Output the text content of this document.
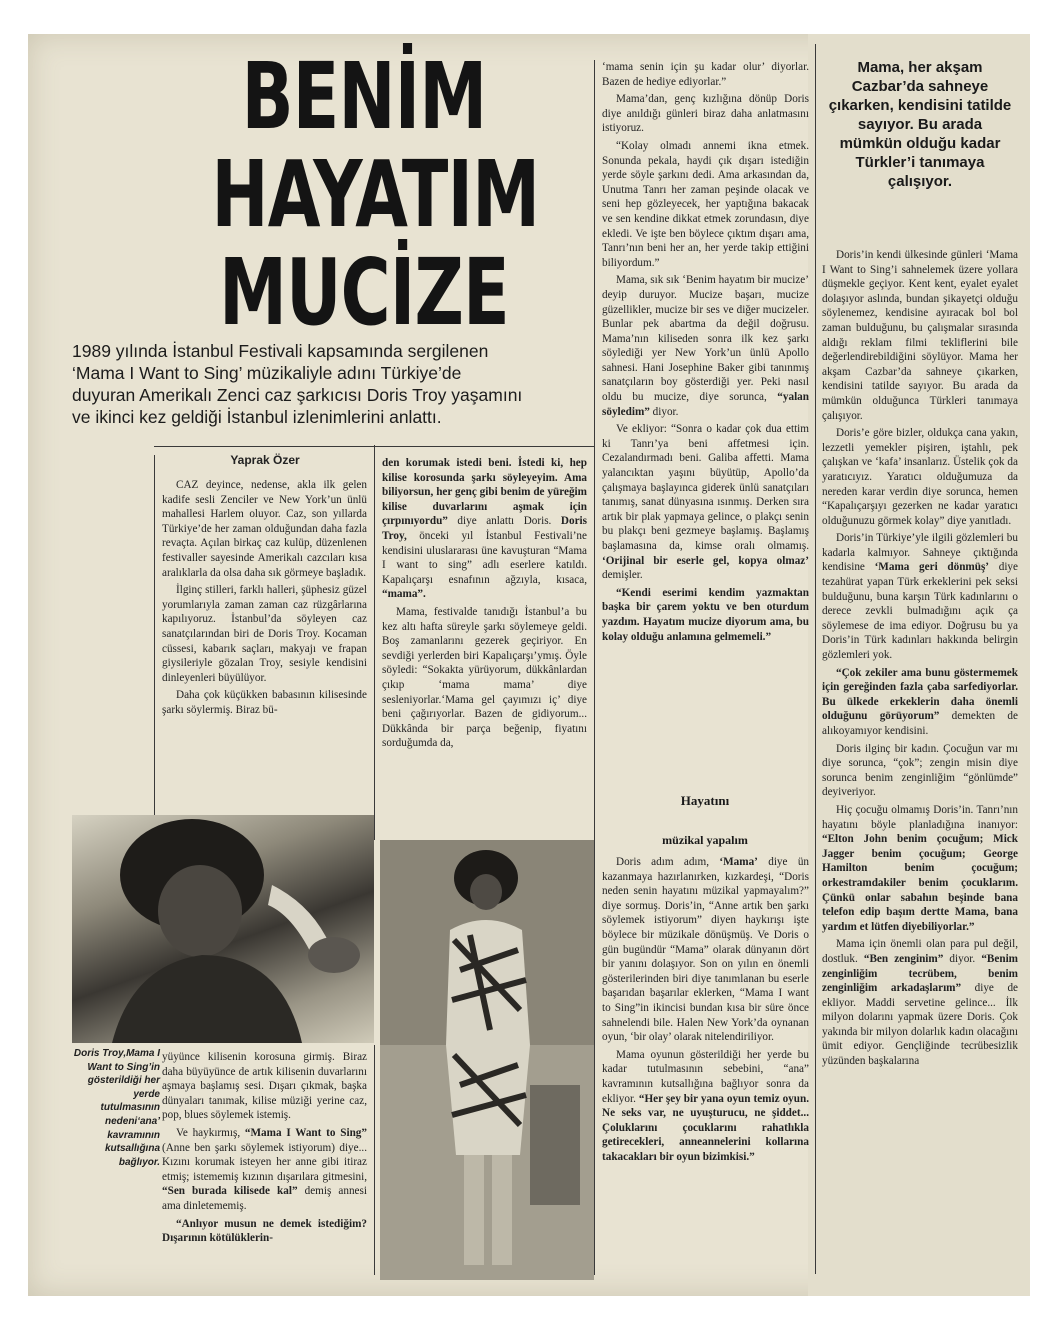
BENİM
HAYATIM
MUCİZE

1989 yılında İstanbul Festivali kapsamında sergilenen
‘Mama I Want to Sing’ müzikaliyle adını Türkiye’de
duyuran Amerikalı Zenci caz şarkıcısı Doris Troy yaşamını
ve ikinci kez geldiği İstanbul izlenimlerini anlattı.

Yaprak Özer
Mama, her akşam Cazbar’da sahneye çıkarken, kendisini tatilde sayıyor. Bu arada mümkün olduğu kadar Türkler’i tanımaya çalışıyor.

CAZ deyince, nedense, akla ilk gelen kadife sesli Zenciler ve New York’un ünlü mahallesi Harlem oluyor. Caz, son yıllarda Türkiye’de her zaman olduğundan daha fazla revaçta. Açılan birkaç caz kulüp, düzenlenen festivaller sayesinde Amerikalı cazcıları kısa aralıklarla da olsa daha sık görmeye başladık.

İlginç stilleri, farklı halleri, şüphesiz güzel yorumlarıyla zaman zaman caz rüzgârlarına kapılıyoruz. İstanbul’da söyleyen caz sanatçılarından biri de Doris Troy. Kocaman cüssesi, kabarık saçları, makyajı ve frapan giysileriyle gözalan Troy, sesiyle kendisini dinleyenleri büyülüyor.

Daha çok küçükken babasının kilisesinde şarkı söylermiş. Biraz bü-

yüyünce kilisenin korosuna girmiş. Biraz daha büyüyünce de artık kilisenin duvarlarını aşmaya başlamış sesi. Dışarı çıkmak, başka dünyaları tanımak, kilise müziği yerine caz, pop, blues söylemek istemiş.

Ve haykırmış, “Mama I Want to Sing” (Anne ben şarkı söylemek istiyorum) diye... Kızını korumak isteyen her anne gibi itiraz etmiş; istememiş kızının dışarılara gitmesini, “Sen burada kilisede kal” demiş annesi ama dinletememiş.

“Anlıyor musun ne demek istediğim? Dışarının kötülüklerin-

den korumak istedi beni. İstedi ki, hep kilise korosunda şarkı söyleyeyim. Ama biliyorsun, her genç gibi benim de yüreğim kilise duvarlarını aşmak için çırpınıyordu” diye anlattı Doris. Doris Troy, önceki yıl İstanbul Festivali’ne kendisini uluslararası üne kavuşturan “Mama I want to sing” adlı eserlere katıldı. Kapalıçarşı esnafının ağzıyla, kısaca, “mama”.

Mama, festivalde tanıdığı İstanbul’a bu kez altı hafta süreyle şarkı söylemeye geldi. Boş zamanlarını gezerek geçiriyor. En sevdiği yerlerden biri Kapalıçarşı’ymış. Öyle söyledi: “Sokakta yürüyorum, dükkânlardan çıkıp ‘mama mama’ diye sesleniyorlar.‘Mama gel çayımızı iç’ diye beni çağırıyorlar. Bazen de gidiyorum... Dükkânda bir parça beğenip, fiyatını sorduğumda da,

‘mama senin için şu kadar olur’ diyorlar. Bazen de hediye ediyorlar.”

Mama’dan, genç kızlığına dönüp Doris diye anıldığı günleri biraz daha anlatmasını istiyoruz.

“Kolay olmadı annemi ikna etmek. Sonunda pekala, haydi çık dışarı istediğin yerde söyle şarkını dedi. Ama arkasından da, Unutma Tanrı her zaman peşinde olacak ve seni hep gözleyecek, her yaptığına bakacak ve sen kendine dikkat etmek zorundasın, diye ekledi. Ve işte ben böylece çıktım dışarı ama, Tanrı’nın beni her an, her yerde takip ettiğini biliyordum.”

Mama, sık sık ‘Benim hayatım bir mucize’ deyip duruyor. Mucize başarı, mucize güzellikler, mucize bir ses ve diğer mucizeler. Bunlar pek abartma da değil doğrusu. Mama’nın kiliseden sonra ilk kez şarkı söylediği yer New York’un ünlü Apollo sahnesi. Hani Josephine Baker gibi tanınmış sanatçıların boy gösterdiği yer. Peki nasıl oldu bu mucize, diye sorunca, “yalan söyledim” diyor.

Ve ekliyor: “Sonra o kadar çok dua ettim ki Tanrı’ya beni affetmesi için. Cezalandırmadı beni. Galiba affetti. Mama yalancıktan yaşını büyütüp, Apollo’da çalışmaya başlayınca giderek ünlü sanatçıları tanımış, sanat dünyasına ısınmış. Derken sıra artık bir plak yapmaya gelince, o plakçı senin bu plakçı beni gezmeye başlamış. Başlamış başlamasına da, kimse oralı olmamış. ‘Orijinal bir eserle gel, kopya olmaz’ demişler.

“Kendi eserimi kendim yazmaktan başka bir çarem yoktu ve ben oturdum yazdım. Hayatım mucize diyorum ama, bu kolay olduğu anlamına gelmemeli.”

Hayatını
müzikal yapalım

Doris adım adım, ‘Mama’ diye ün kazanmaya hazırlanırken, kızkardeşi, “Doris neden senin hayatını müzikal yapmayalım?” diye sormuş. Doris’in, “Anne artık ben şarkı söylemek istiyorum” diyen haykırışı işte böylece bir müzikale dönüşmüş. Ve Doris o gün bugündür “Mama” olarak dünyanın dört bir yanını dolaşıyor. Son on yılın en önemli gösterilerinden biri diye tanımlanan bu eserle başarıdan başarılar eklerken, “Mama I want to Sing”in ikincisi bundan kısa bir süre önce sahnelendi bile. Halen New York’da oynanan oyun, ‘bir olay’ olarak nitelendiriliyor.

Mama oyunun gösterildiği her yerde bu kadar tutulmasının sebebini, “ana” kavramının kutsallığına bağlıyor sonra da ekliyor. “Her şey bir yana oyun temiz oyun. Ne seks var, ne uyuşturucu, ne şiddet... Çoluklarını çocuklarını rahatlıkla getirecekleri, anneannelerini kollarına takacakları bir oyun bizimkisi.”

Doris’in kendi ülkesinde günleri ‘Mama I Want to Sing’i sahnelemek üzere yollara düşmekle geçiyor. Kent kent, eyalet eyalet dolaşıyor aslında, bundan şikayetçi olduğu söylenemez, kendisine ayıracak bol bol zaman bulduğunu, bu çalışmalar sırasında aldığı reklam filmi tekliflerini bile değerlendirebildiğini söylüyor. Mama her akşam Cazbar’da sahneye çıkarken, kendisini tatilde sayıyor. Bu arada da mümkün olduğunca Türkleri tanımaya çalışıyor.

Doris’e göre bizler, oldukça cana yakın, lezzetli yemekler pişiren, iştahlı, pek çalışkan ve ‘kafa’ insanlarız. Üstelik çok da yaratıcıyız. Yaratıcı olduğumuza da nereden karar verdin diye sorunca, hemen “Kapalıçarşıyı gezerken ne kadar yaratıcı olduğunuzu görmek kolay” diye yanıtladı.

Doris’in Türkiye’yle ilgili gözlemleri bu kadarla kalmıyor. Sahneye çıktığında kendisine ‘Mama geri dönmüş’ diye tezahürat yapan Türk erkeklerini pek seksi bulduğunu, buna karşın Türk kadınlarını o derece zevkli bulmadığını açık ça söylemese de ima ediyor. Doğrusu bu ya Doris’in Türk kadınları hakkında belirgin gözlemleri yok.

“Çok zekiler ama bunu göstermemek için gereğinden fazla çaba sarfediyorlar. Bu ülkede erkeklerin daha önemli olduğunu görüyorum” demekten de alıkoyamıyor kendisini.

Doris ilginç bir kadın. Çocuğun var mı diye sorunca, “çok”; zengin misin diye sorunca benim zenginliğim “gönlümde” deyiveriyor.

Hiç çocuğu olmamış Doris’in. Tanrı’nın hayatını böyle planladığına inanıyor: “Elton John benim çocuğum; Mick Jagger benim çocuğum; George Hamilton benim çocuğum; orkestramdakiler benim çocuklarım. Çünkü onlar sabahın beşinde bana telefon edip başım dertte Mama, bana yardım et lütfen diyebiliyorlar.”

Mama için önemli olan para pul değil, dostluk. “Ben zenginim” diyor. “Benim zenginliğim tecrübem, benim zenginliğim arkadaşlarım” diye de ekliyor. Maddi servetine gelince... İlk milyon dolarını yapmak üzere Doris. Çok yakında bir milyon dolarlık kadın olacağını ümit ediyor. Gençliğinde tecrübesizlik yüzünden başkalarına

Doris Troy,Mama I Want to Sing’in gösterildiği her yerde tutulmasının nedeni‘ana’ kavramının kutsallığına bağlıyor.
